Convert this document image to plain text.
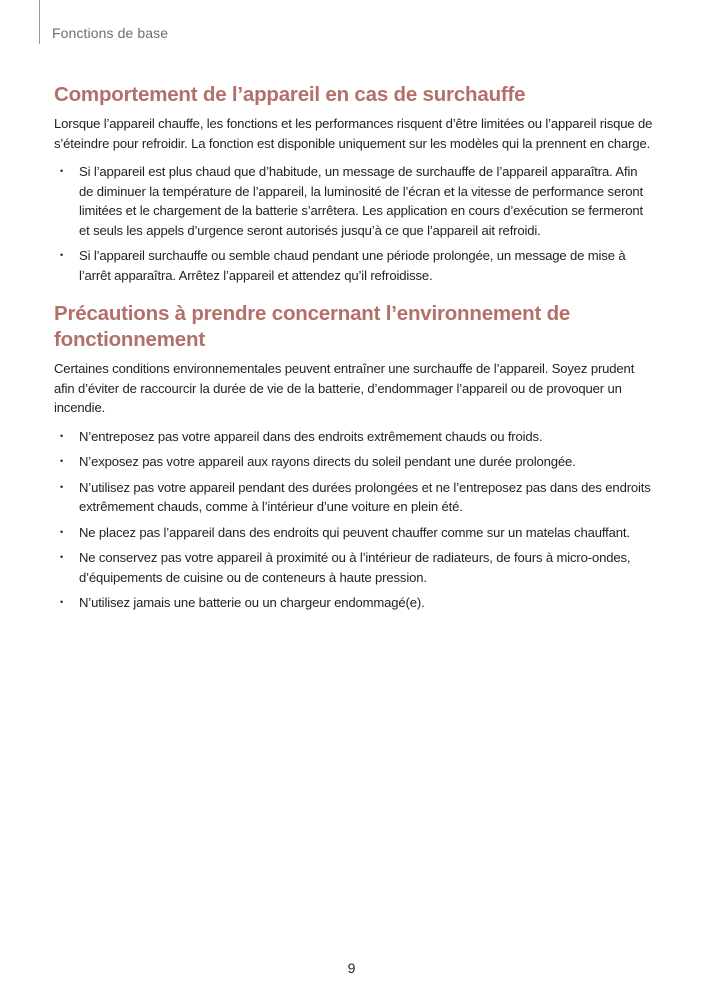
Fonctions de base
Comportement de l’appareil en cas de surchauffe

Lorsque l’appareil chauffe, les fonctions et les performances risquent d’être limitées ou l’appareil risque de s’éteindre pour refroidir. La fonction est disponible uniquement sur les modèles qui la prennent en charge.

• Si l’appareil est plus chaud que d’habitude, un message de surchauffe de l’appareil apparaîtra. Afin de diminuer la température de l’appareil, la luminosité de l’écran et la vitesse de performance seront limitées et le chargement de la batterie s’arrêtera. Les application en cours d’exécution se fermeront et seuls les appels d’urgence seront autorisés jusqu’à ce que l’appareil ait refroidi.
• Si l’appareil surchauffe ou semble chaud pendant une période prolongée, un message de mise à l’arrêt apparaîtra. Arrêtez l’appareil et attendez qu’il refroidisse.
Précautions à prendre concernant l’environnement de fonctionnement

Certaines conditions environnementales peuvent entraîner une surchauffe de l’appareil. Soyez prudent afin d’éviter de raccourcir la durée de vie de la batterie, d’endommager l’appareil ou de provoquer un incendie.

• N’entreposez pas votre appareil dans des endroits extrêmement chauds ou froids.
• N’exposez pas votre appareil aux rayons directs du soleil pendant une durée prolongée.
• N’utilisez pas votre appareil pendant des durées prolongées et ne l’entreposez pas dans des endroits extrêmement chauds, comme à l’intérieur d’une voiture en plein été.
• Ne placez pas l’appareil dans des endroits qui peuvent chauffer comme sur un matelas chauffant.
• Ne conservez pas votre appareil à proximité ou à l’intérieur de radiateurs, de fours à micro-ondes, d’équipements de cuisine ou de conteneurs à haute pression.
• N’utilisez jamais une batterie ou un chargeur endommagé(e).
9
